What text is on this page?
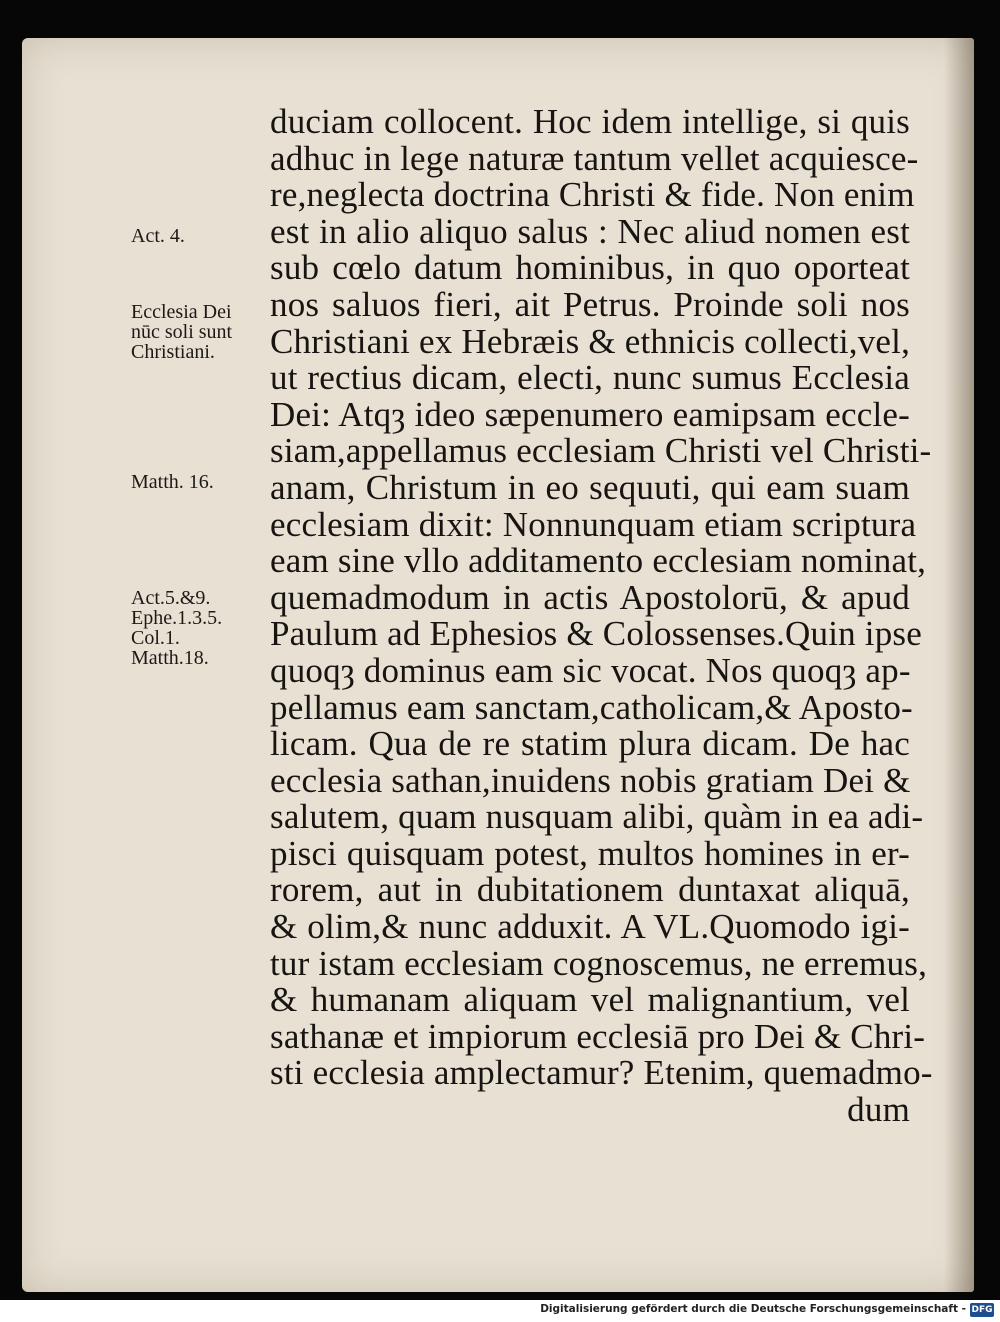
duciam collocent. Hoc idem intellige, si quis
adhuc in lege naturæ tantum vellet acquiesce-
re,neglecta doctrina Christi & fide. Non enim
est in alio aliquo salus : Nec aliud nomen est
sub cœlo datum hominibus, in quo oporteat
nos saluos fieri, ait Petrus. Proinde soli nos
Christiani ex Hebræis & ethnicis collecti,vel,
ut rectius dicam, electi, nunc sumus Ecclesia
Dei: Atqȝ ideo sæpenumero eamipsam eccle-
siam,appellamus ecclesiam Christi vel Christi-
anam, Christum in eo sequuti, qui eam suam
ecclesiam dixit: Nonnunquam etiam scriptura
eam sine vllo additamento ecclesiam nominat,
quemadmodum in actis Apostolorū, & apud
Paulum ad Ephesios & Colossenses.Quin ipse
quoqȝ dominus eam sic vocat. Nos quoqȝ ap-
pellamus eam sanctam,catholicam,& Aposto-
licam. Qua de re statim plura dicam. De hac
ecclesia sathan,inuidens nobis gratiam Dei &
salutem, quam nusquam alibi, quàm in ea adi-
pisci quisquam potest, multos homines in er-
rorem, aut in dubitationem duntaxat aliquā,
& olim,& nunc adduxit. A VL.Quomodo igi-
tur istam ecclesiam cognoscemus, ne erremus,
& humanam aliquam vel malignantium, vel
sathanæ et impiorum ecclesiā pro Dei & Chri-
sti ecclesia amplectamur? Etenim, quemadmo-
dum
Act. 4.
Ecclesia Dei
nūc soli sunt
Christiani.
Matth. 16.
Act.5.&9.
Ephe.1.3.5.
Col.1.
Matth.18.
Digitalisierung gefördert durch die Deutsche Forschungsgemeinschaft - DFG
